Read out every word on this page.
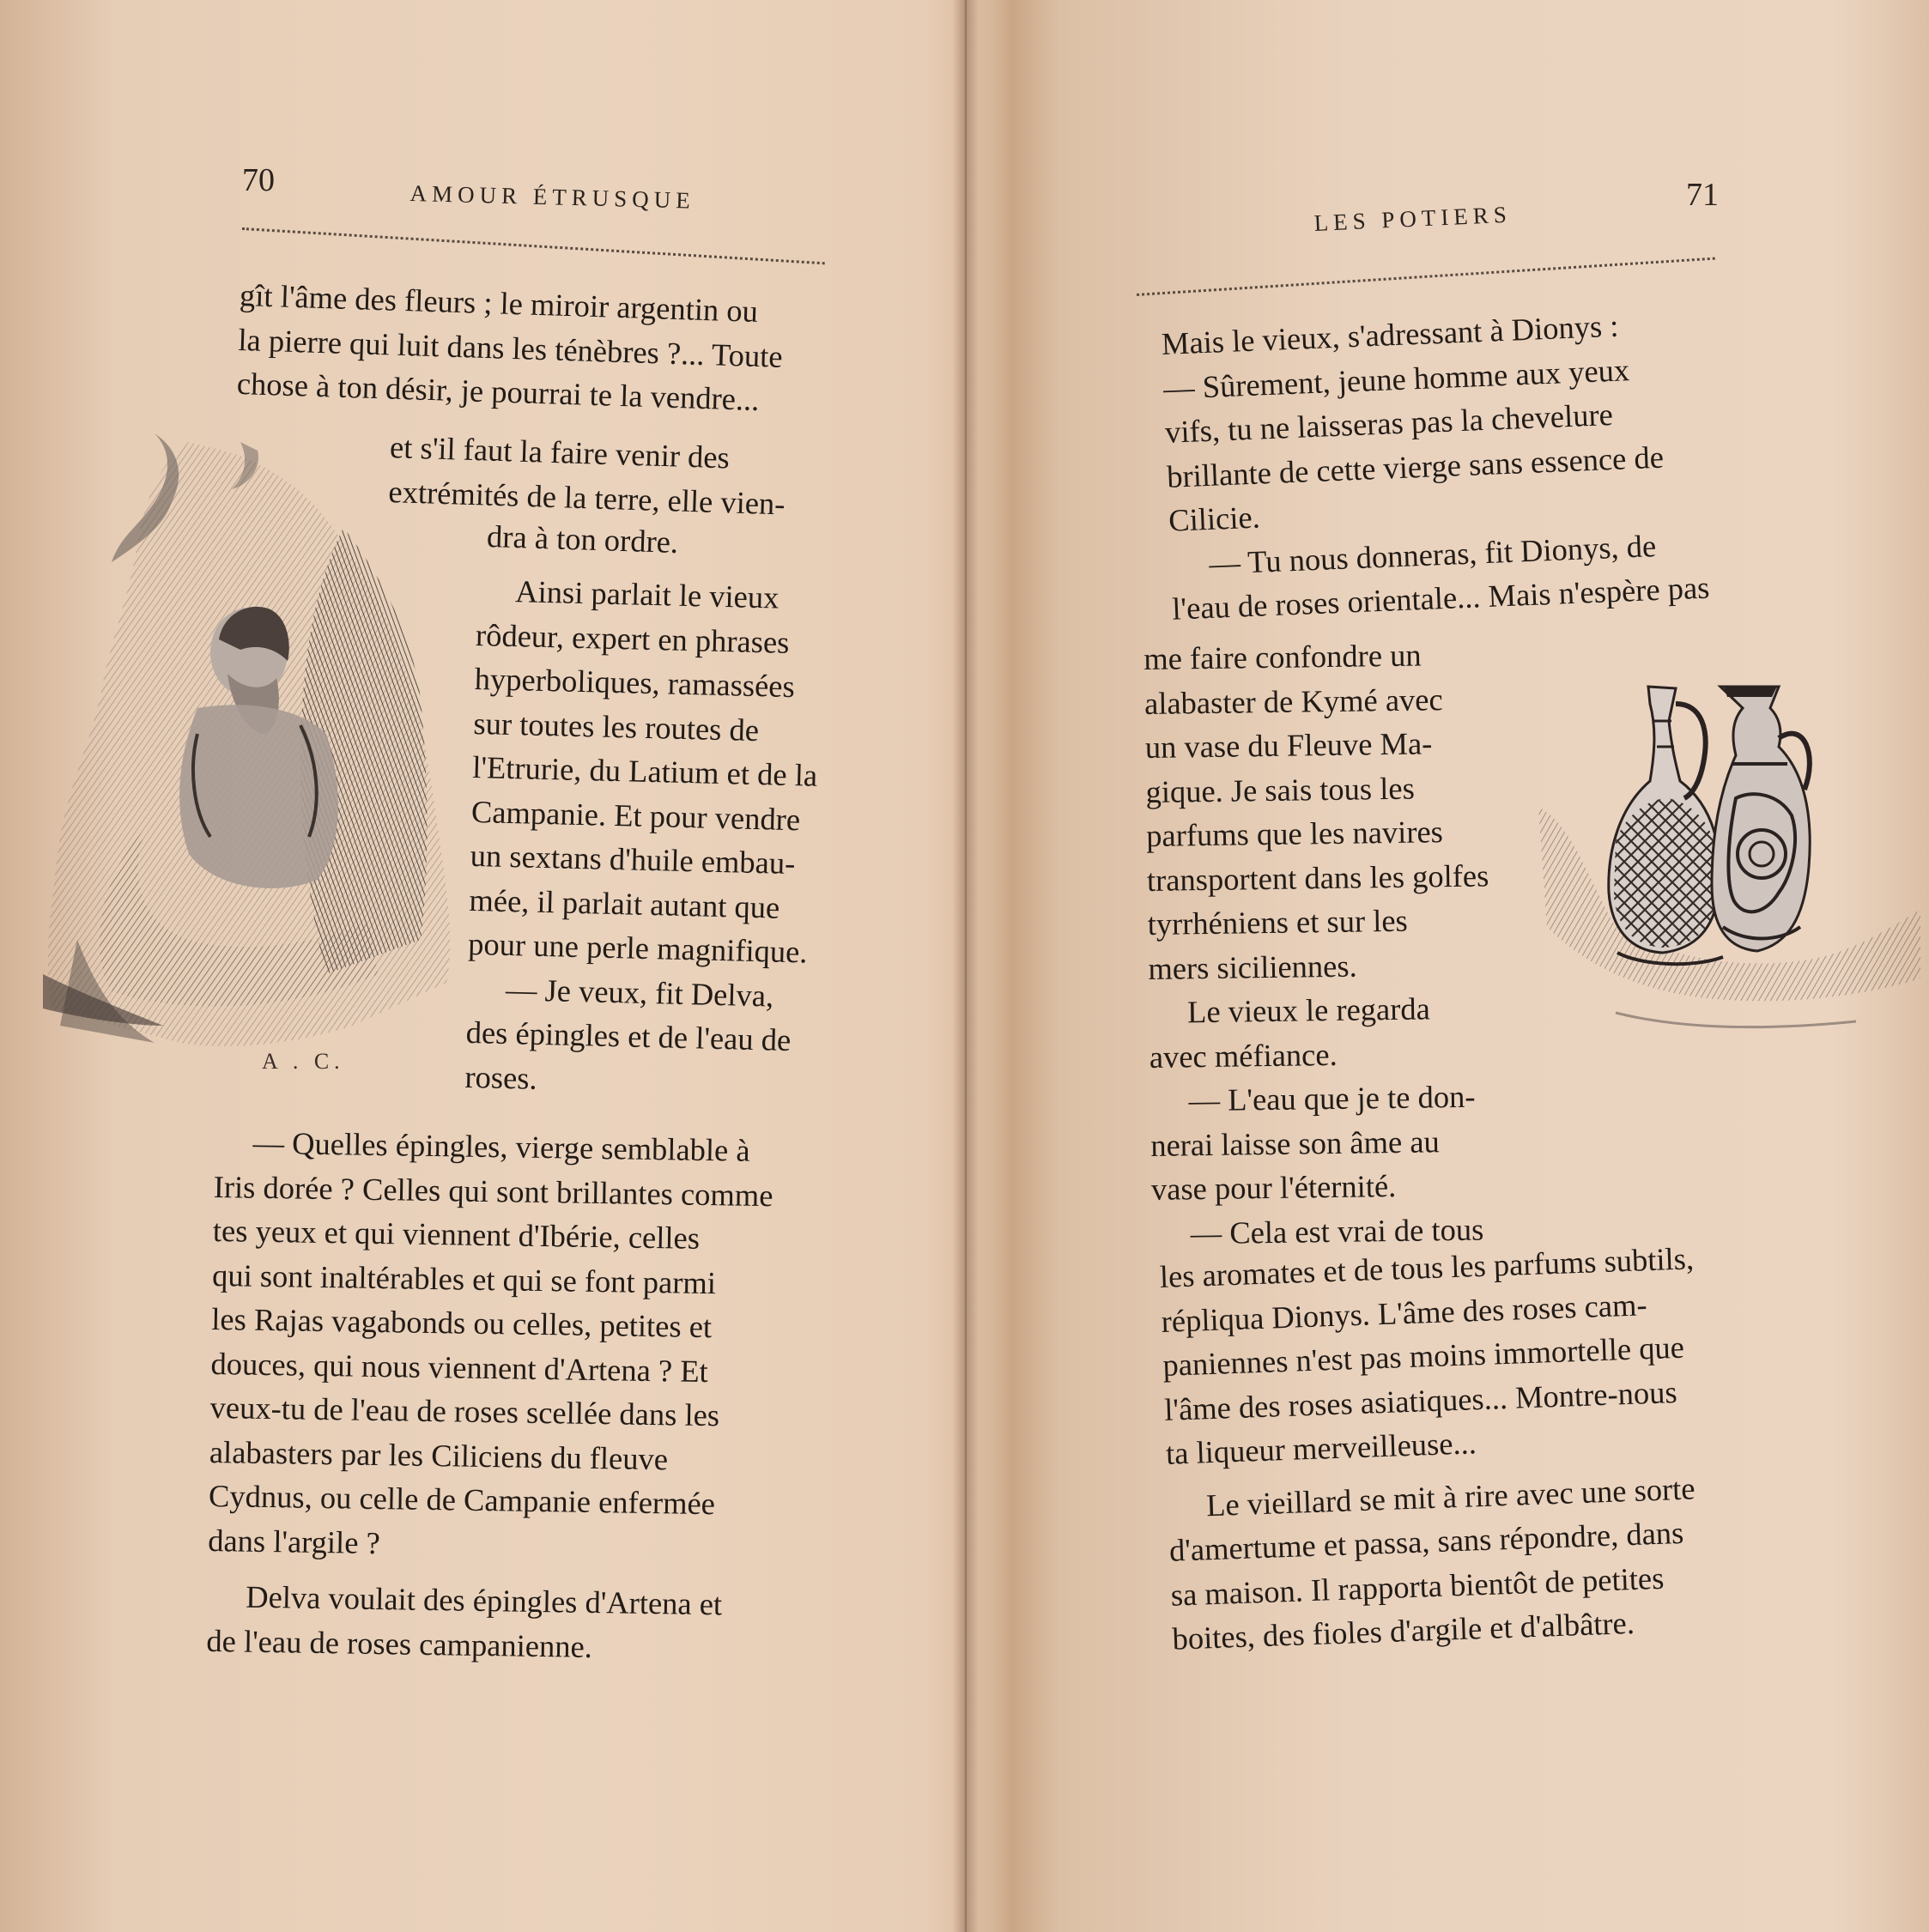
70	AMOUR ÉTRUSQUE

gît l'âme des fleurs ; le miroir argentin ou

la pierre qui luit dans les ténèbres ?... Toute

chose à ton désir, je pourrai te la vendre...

et s'il faut la faire venir des

extrémités de la terre, elle vien-

dra à ton ordre.

Ainsi parlait le vieux

rôdeur, expert en phrases

hyperboliques, ramassées

sur toutes les routes de

l'Etrurie, du Latium et de la

Campanie. Et pour vendre

un sextans d'huile embau-

mée, il parlait autant que

pour une perle magnifique.

— Je veux, fit Delva,

des épingles et de l'eau de

roses.

— Quelles épingles, vierge semblable à

Iris dorée ? Celles qui sont brillantes comme

tes yeux et qui viennent d'Ibérie, celles

qui sont inaltérables et qui se font parmi

les Rajas vagabonds ou celles, petites et

douces, qui nous viennent d'Artena ? Et

veux-tu de l'eau de roses scellée dans les

alabasters par les Ciliciens du fleuve

Cydnus, ou celle de Campanie enfermée

dans l'argile ?

Delva voulait des épingles d'Artena et

de l'eau de roses campanienne.

A . C.
LES POTIERS
71

Mais le vieux, s'adressant à Dionys :

— Sûrement, jeune homme aux yeux

vifs, tu ne laisseras pas la chevelure

brillante de cette vierge sans essence de

Cilicie.

— Tu nous donneras, fit Dionys, de

l'eau de roses orientale... Mais n'espère pas

me faire confondre un

alabaster de Kymé avec

un vase du Fleuve Ma-

gique. Je sais tous les

parfums que les navires

transportent dans les golfes

tyrrhéniens et sur les

mers siciliennes.

Le vieux le regarda

avec méfiance.

— L'eau que je te don-

nerai laisse son âme au

vase pour l'éternité.

— Cela est vrai de tous

les aromates et de tous les parfums subtils,

répliqua Dionys. L'âme des roses cam-

paniennes n'est pas moins immortelle que

l'âme des roses asiatiques... Montre-nous

ta liqueur merveilleuse...

Le vieillard se mit à rire avec une sorte

d'amertume et passa, sans répondre, dans

sa maison. Il rapporta bientôt de petites

boites, des fioles d'argile et d'albâtre.
